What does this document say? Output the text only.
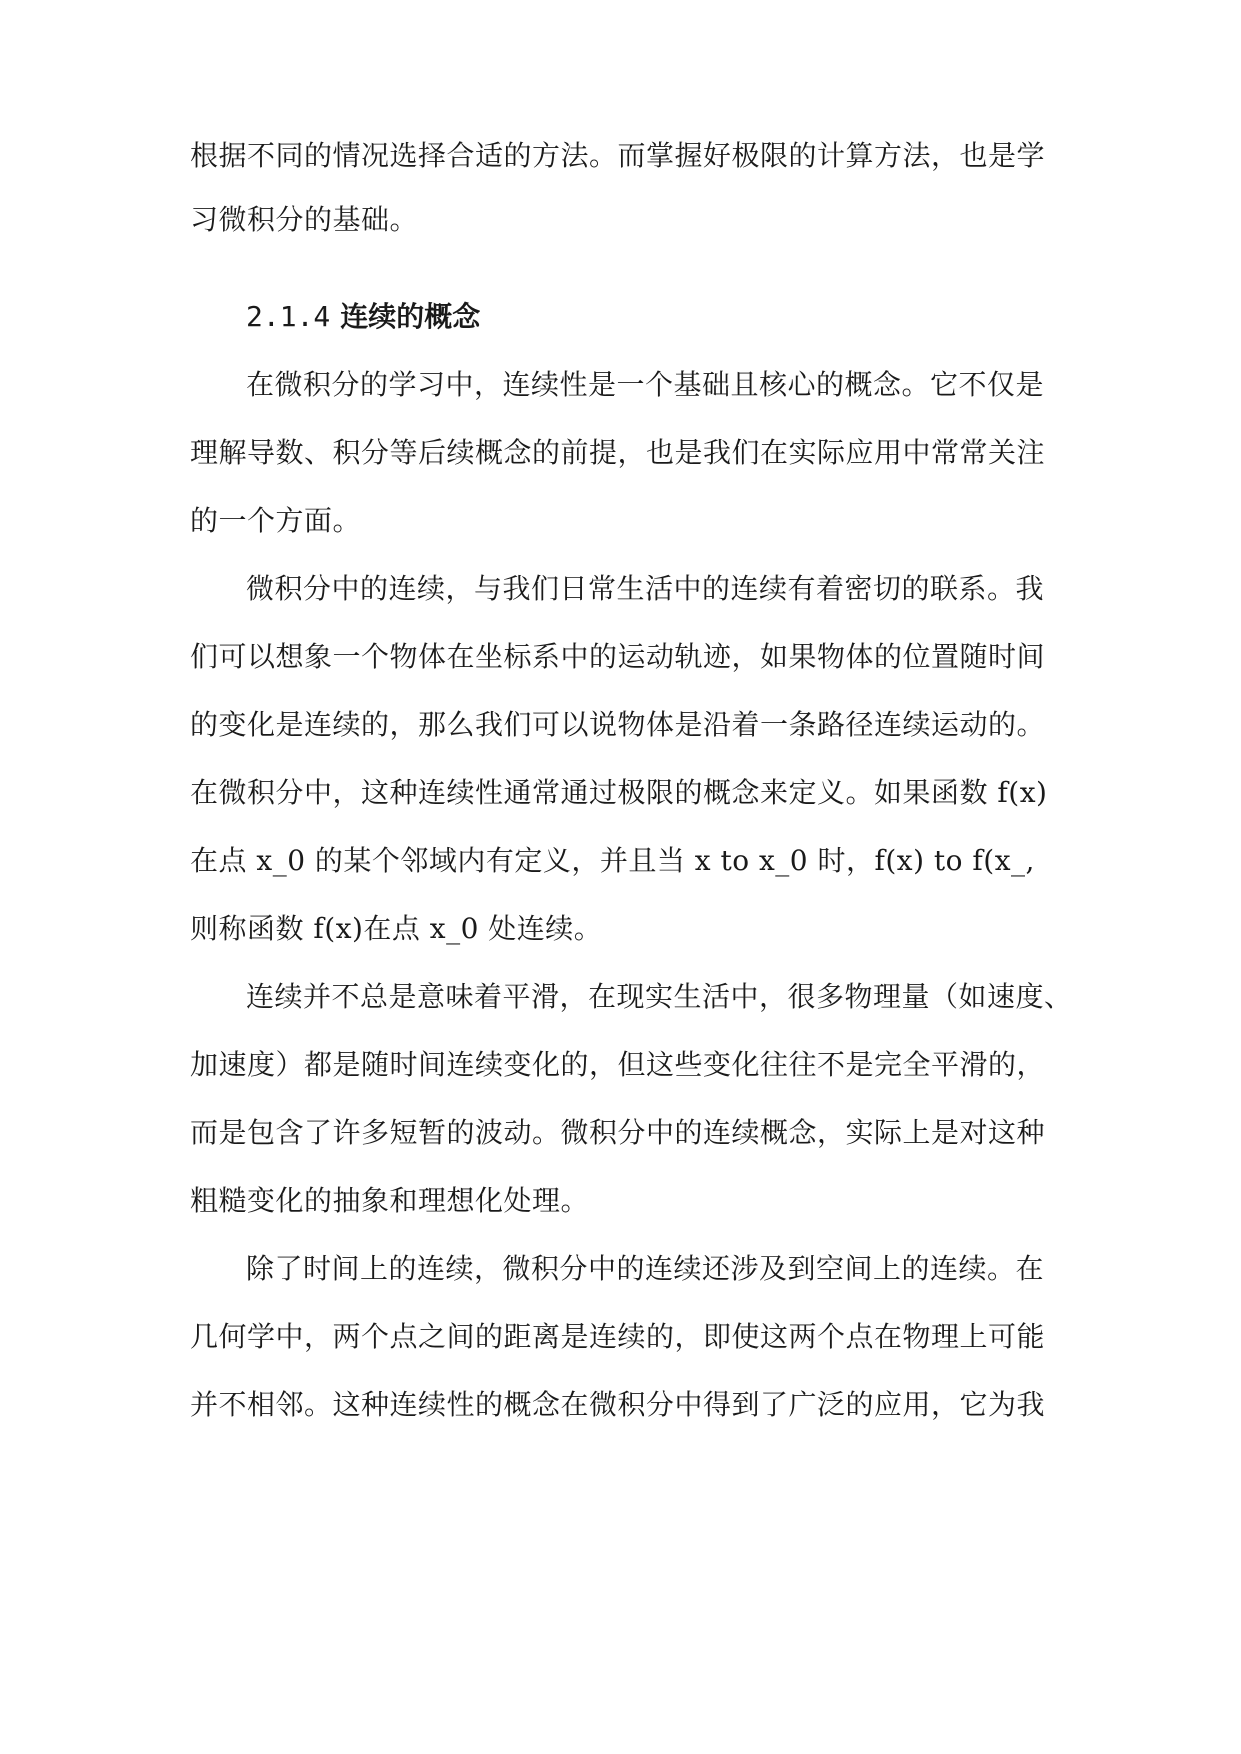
根据不同的情况选择合适的方法。而掌握好极限的计算方法，也是学
习微积分的基础。
2.1.4 连续的概念
在微积分的学习中，连续性是一个基础且核心的概念。它不仅是
理解导数、积分等后续概念的前提，也是我们在实际应用中常常关注
的一个方面。
微积分中的连续，与我们日常生活中的连续有着密切的联系。我
们可以想象一个物体在坐标系中的运动轨迹，如果物体的位置随时间
的变化是连续的，那么我们可以说物体是沿着一条路径连续运动的。
在微积分中，这种连续性通常通过极限的概念来定义。如果函数 f(x)
在点 x_0 的某个邻域内有定义，并且当 x to x_0 时，f(x) to f(x_,
则称函数 f(x)在点 x_0 处连续。
连续并不总是意味着平滑，在现实生活中，很多物理量（如速度、
加速度）都是随时间连续变化的，但这些变化往往不是完全平滑的，
而是包含了许多短暂的波动。微积分中的连续概念，实际上是对这种
粗糙变化的抽象和理想化处理。
除了时间上的连续，微积分中的连续还涉及到空间上的连续。在
几何学中，两个点之间的距离是连续的，即使这两个点在物理上可能
并不相邻。这种连续性的概念在微积分中得到了广泛的应用，它为我
